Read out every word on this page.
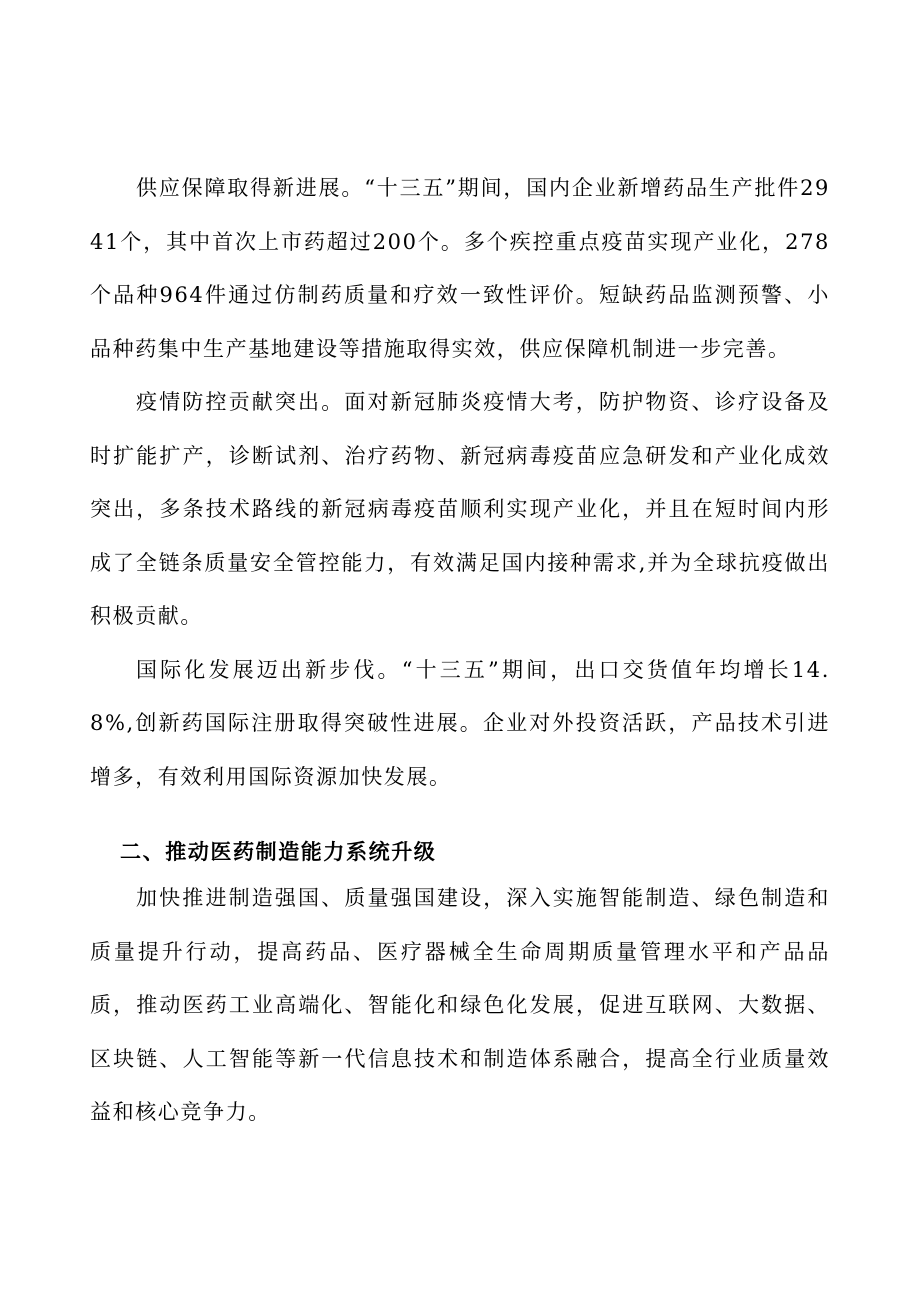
供应保障取得新进展。“十三五”期间，国内企业新增药品生产批件2941个，其中首次上市药超过200个。多个疾控重点疫苗实现产业化，278个品种964件通过仿制药质量和疗效一致性评价。短缺药品监测预警、小品种药集中生产基地建设等措施取得实效，供应保障机制进一步完善。

疫情防控贡献突出。面对新冠肺炎疫情大考，防护物资、诊疗设备及时扩能扩产，诊断试剂、治疗药物、新冠病毒疫苗应急研发和产业化成效突出，多条技术路线的新冠病毒疫苗顺利实现产业化，并且在短时间内形成了全链条质量安全管控能力，有效满足国内接种需求,并为全球抗疫做出积极贡献。

国际化发展迈出新步伐。“十三五”期间，出口交货值年均增长14.8%,创新药国际注册取得突破性进展。企业对外投资活跃，产品技术引进增多，有效利用国际资源加快发展。

二、推动医药制造能力系统升级

加快推进制造强国、质量强国建设，深入实施智能制造、绿色制造和质量提升行动，提高药品、医疗器械全生命周期质量管理水平和产品品质，推动医药工业高端化、智能化和绿色化发展，促进互联网、大数据、区块链、人工智能等新一代信息技术和制造体系融合，提高全行业质量效益和核心竞争力。
